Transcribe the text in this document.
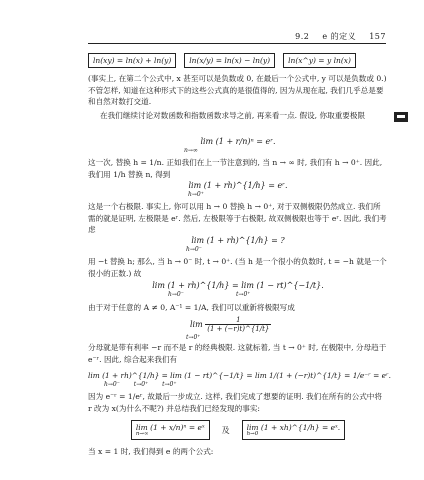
9.2 e 的定义 157
ln(xy) = ln(x) + ln(y)	ln(x/y) = ln(x) − ln(y)	ln(x^y) = y ln(x)
(事实上, 在第二个公式中, x 甚至可以是负数或 0, 在最后一个公式中, y 可以是负数或 0.) 不管怎样, 知道在这种形式下的这些公式真的是很值得的, 因为从现在起, 我们几乎总是要和自然对数打交道.
在我们继续讨论对数函数和指数函数求导之前, 再来看一点. 假设, 你取重要极限
lim (1 + r/n)ⁿ = eʳ.
n→∞
这一次, 替换 h = 1/n. 正如我们在上一节注意到的, 当 n → ∞ 时, 我们有 h → 0⁺. 因此, 我们用 1/h 替换 n, 得到
lim (1 + rh)^{1/h} = eʳ.
h→0⁺
这是一个右极限. 事实上, 你可以用 h → 0 替换 h → 0⁺, 对于双侧极限仍然成立. 我们所需的就是证明, 左极限是 eʳ. 然后, 左极限等于右极限, 故双侧极限也等于 eʳ. 因此, 我们考虑
lim (1 + rh)^{1/h} = ?
h→0⁻
用 −t 替换 h; 那么, 当 h → 0⁻ 时, t → 0⁺. (当 h 是一个很小的负数时, t = −h 就是一个很小的正数.) 故
lim (1 + rh)^{1/h} = lim (1 − rt)^{−1/t}.
h→0⁻	t→0⁺
由于对于任意的 A ≠ 0, A⁻¹ = 1/A, 我们可以重新将极限写成
$\lim \frac{1}{(1 + (-r)t)\^{}\{1/t\}}$
t→0⁺
分母就是带有利率 −r 而不是 r 的经典极限. 这就标着, 当 t → 0⁺ 时, 在极限中, 分母趋于 e⁻ʳ. 因此, 综合起来我们有
lim (1 + rh)^{1/h} = lim (1 − rt)^{−1/t} = lim 1/(1 + (−r)t)^{1/t} = 1/e⁻ʳ = eʳ.
h→0⁻ t→0⁺ t→0⁺
因为 e⁻ʳ = 1/eʳ, 故最后一步成立. 这样, 我们完成了想要的证明. 我们在所有的公式中将 r 改为 x(为什么不呢?) 并总结我们已经发现的事实:
lim (1 + x/n)ⁿ = eˣ
n→∞	及	lim (1 + xh)^{1/h} = eˣ.
h→0
当 x = 1 时, 我们得到 e 的两个公式:
